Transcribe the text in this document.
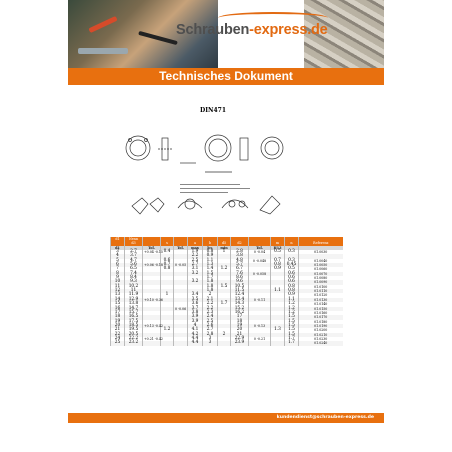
Schrauben-express.de
Technisches Dokument
DIN471
d1	Nenn											
	d3		s		a	b	d5	d2		m	n	Referenz
d1		Tol.		Tol.	max	b≈	min		Tol.	H13		
3	2.7	+0.04 -0.15	0.4		1.9	0.8	1	2.8	0 -0.04	0.5	0.3	01.0030
4	3.7				2.2	0.9		3.8				
5	4.7		0.6		2.5	1.1		4.8	0 -0.048	0.7	0.3	01.0040
6	5.6	+0.06 -0.18	0.7	0 -0.05	2.7	1.3		5.7		0.8	0.45	01.0050
7	6.5		0.8		3.1	1.4	1.2	6.7		0.9	0.5	01.0060
8	7.4				3.2	1.5		7.6	0 -0.058		0.6	01.0070
9	8.4					1.7		8.6			0.6	01.0080
10	9.3				3.2	1.8		9.6			0.6	01.0090
11	10.2					1.8	1.5	10.5			0.8	01.0100
12	11					1.8		11.5		1.1	0.8	01.0110
13	11.9		1		3.4	2		12.4			0.9	01.0120
14	12.9	+0.10 -0.36			3.5	2.1		13.4	0 -0.11		1.1	01.0130
15	13.8				3.6	2.2	1.7	14.3			1.2	01.0140
16	14.7			0 -0.06	3.7	2.2		15.2			1.2	01.0150
17	15.7				3.8	2.3		16.2			1.2	01.0160
18	16.5				3.9	2.4		17			1.5	01.0170
19	17.5				3.9	2.5		18			1.5	01.0180
20	18.5	+0.13 -0.42			4	2.6		19	0 -0.13		1.5	01.0190
21	19.5		1.2		4.1	2.7		20		1.3	1.5	01.0200
22	20.5				4.2	2.8	2	21			1.5	01.0210
24	22.2	+0.21 -0.42			4.4	3		22.9	0 -0.21		1.7	01.0230
25	23.2				4.4	3		23.9			1.7	01.0240
kundendienst@schrauben-express.de
